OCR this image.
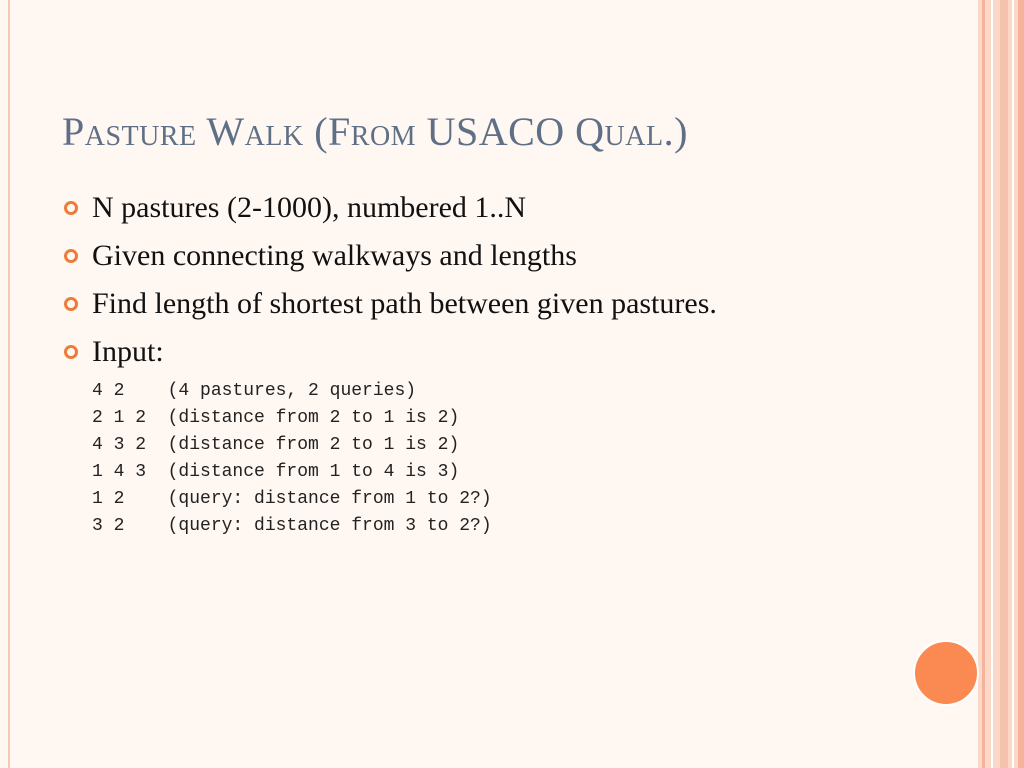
Pasture Walk (From USACO Qual.)
N pastures (2-1000), numbered 1..N
Given connecting walkways and lengths
Find length of shortest path between given pastures.
Input:
4 2    (4 pastures, 2 queries)
2 1 2  (distance from 2 to 1 is 2)
4 3 2  (distance from 2 to 1 is 2)
1 4 3  (distance from 1 to 4 is 3)
1 2    (query: distance from 1 to 2?)
3 2    (query: distance from 3 to 2?)
